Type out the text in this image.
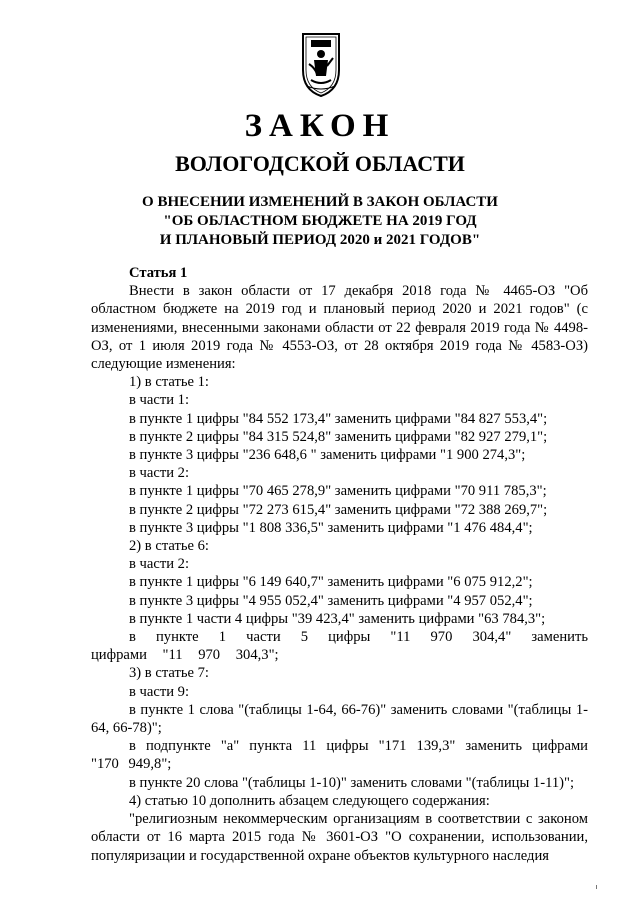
ЗАКОН
ВОЛОГОДСКОЙ ОБЛАСТИ
О ВНЕСЕНИИ ИЗМЕНЕНИЙ В ЗАКОН ОБЛАСТИ
"ОБ ОБЛАСТНОМ БЮДЖЕТЕ НА 2019 ГОД
И ПЛАНОВЫЙ ПЕРИОД 2020 и 2021 ГОДОВ"
Статья 1
Внести в закон области от 17 декабря 2018 года № 4465-ОЗ "Об областном бюджете на 2019 год и плановый период 2020 и 2021 годов" (с изменениями, внесенными законами области от 22 февраля 2019 года № 4498-ОЗ, от 1 июля 2019 года № 4553-ОЗ, от 28 октября 2019 года № 4583-ОЗ) следующие изменения:
1) в статье 1:
в части 1:
в пункте 1 цифры "84 552 173,4" заменить цифрами "84 827 553,4";
в пункте 2 цифры "84 315 524,8" заменить цифрами "82 927 279,1";
в пункте 3 цифры "236 648,6 " заменить цифрами "1 900 274,3";
в части 2:
в пункте 1 цифры "70 465 278,9" заменить цифрами "70 911 785,3";
в пункте 2 цифры "72 273 615,4" заменить цифрами "72 388 269,7";
в пункте 3 цифры "1 808 336,5" заменить цифрами "1 476 484,4";
2) в статье 6:
в части 2:
в пункте 1 цифры "6 149 640,7" заменить цифрами "6 075 912,2";
в пункте 3 цифры "4 955 052,4" заменить цифрами "4 957 052,4";
в пункте 1 части 4 цифры "39 423,4" заменить цифрами "63 784,3";
в пункте 1 части 5 цифры "11 970 304,4" заменить цифрами "11 970 304,3";
3) в статье 7:
в части 9:
в пункте 1 слова "(таблицы 1-64, 66-76)" заменить словами "(таблицы 1-64, 66-78)";
в подпункте "а" пункта 11 цифры "171 139,3" заменить цифрами "170 949,8";
в пункте 20 слова "(таблицы 1-10)" заменить словами "(таблицы 1-11)";
4) статью 10 дополнить абзацем следующего содержания:
"религиозным некоммерческим организациям в соответствии с законом области от 16 марта 2015 года № 3601-ОЗ "О сохранении, использовании, популяризации и государственной охране объектов культурного наследия
